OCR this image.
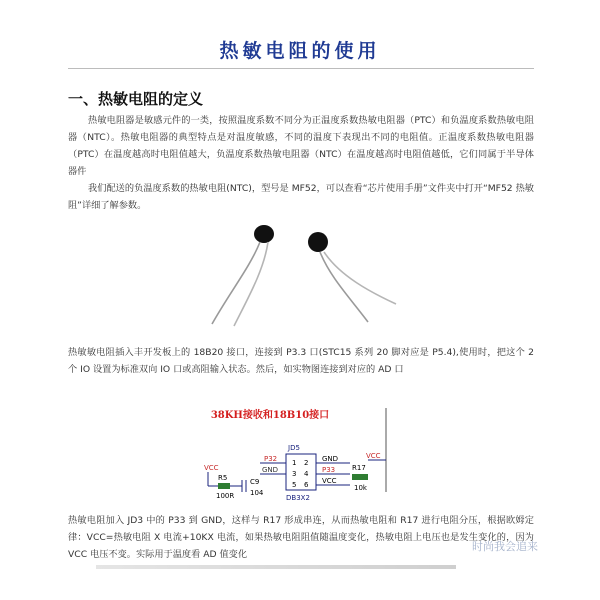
热敏电阻的使用
一、热敏电阻的定义
热敏电阻器是敏感元件的一类，按照温度系数不同分为正温度系数热敏电阻器（PTC）和负温度系数热敏电阻器（NTC）。热敏电阻器的典型特点是对温度敏感，不同的温度下表现出不同的电阻值。正温度系数热敏电阻器（PTC）在温度越高时电阻值越大，负温度系数热敏电阻器（NTC）在温度越高时电阻值越低，它们同属于半导体器件
我们配送的负温度系数的热敏电阻(NTC)，型号是 MF52，可以查看“芯片使用手册”文件夹中打开“MF52 热敏阻”详细了解参数。
热敏敏电阻插入丰开发板上的 18B20 接口，连接到 P3.3 口(STC15 系列 20 脚对应是 P5.4),使用时，把这个 2 个 IO 设置为标准双向 IO 口或高阻输入状态。然后，如实物图连接到对应的 AD 口
38KH接收和18B10接口
JD5
DB3X2
1
3
5
2
4
6
P32
GND
GND
P33
VCC
VCC
R5
100R
C9
104
R17
10k
VCC
热敏电阻加入 JD3 中的 P33 到 GND，这样与 R17 形成串连，从而热敏电阻和 R17 进行电阻分压，根据欧姆定律：VCC=热敏电阻 X 电流+10KX 电流，如果热敏电阻阻值随温度变化，热敏电阻上电压也是发生变化的，因为 VCC 电压不变。实际用于温度看 AD 值变化
时尚我会追来
